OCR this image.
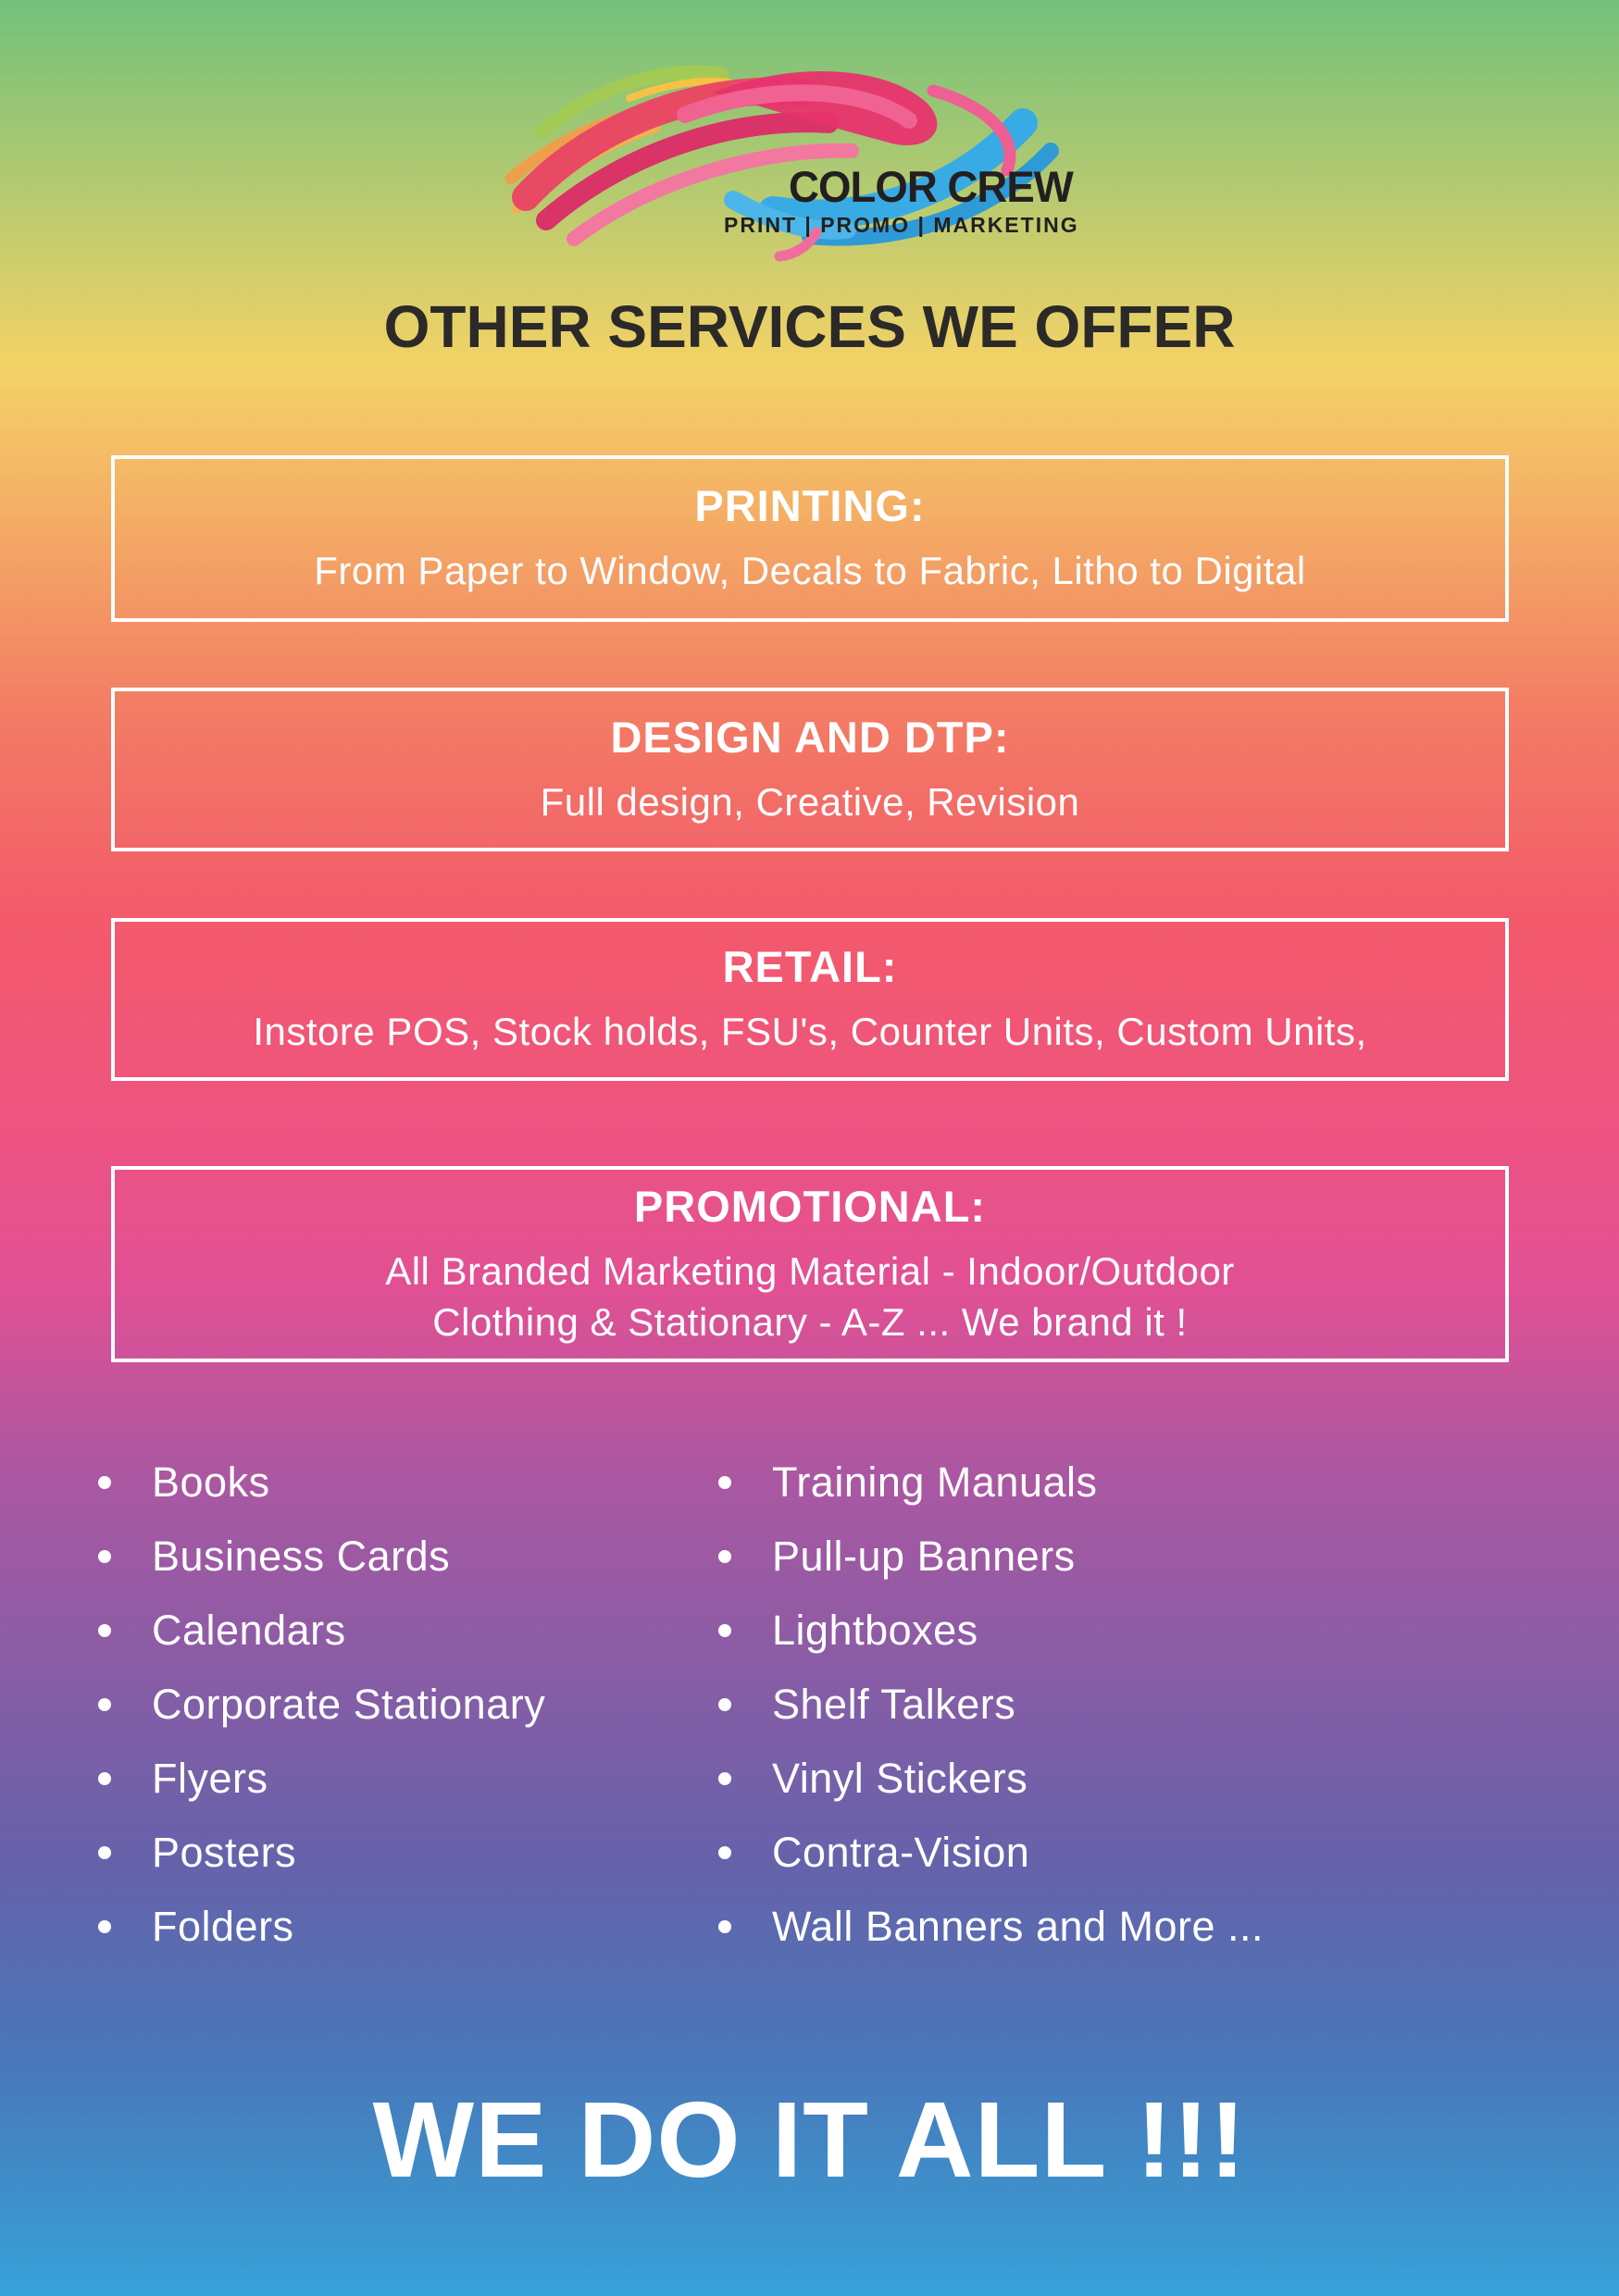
COLOR CREW
PRINT | PROMO | MARKETING
OTHER SERVICES WE OFFER
PRINTING:

From Paper to Window, Decals to Fabric, Litho to Digital

DESIGN AND DTP:

Full design, Creative, Revision

RETAIL:

Instore POS, Stock holds, FSU's, Counter Units, Custom Units,

PROMOTIONAL:

All Branded Marketing Material - Indoor/Outdoor
Clothing & Stationary - A-Z ... We brand it !

Books
Business Cards
Calendars
Corporate Stationary
Flyers
Posters
Folders
Training Manuals
Pull-up Banners
Lightboxes
Shelf Talkers
Vinyl Stickers
Contra-Vision
Wall Banners and More ...
WE DO IT ALL !!!
